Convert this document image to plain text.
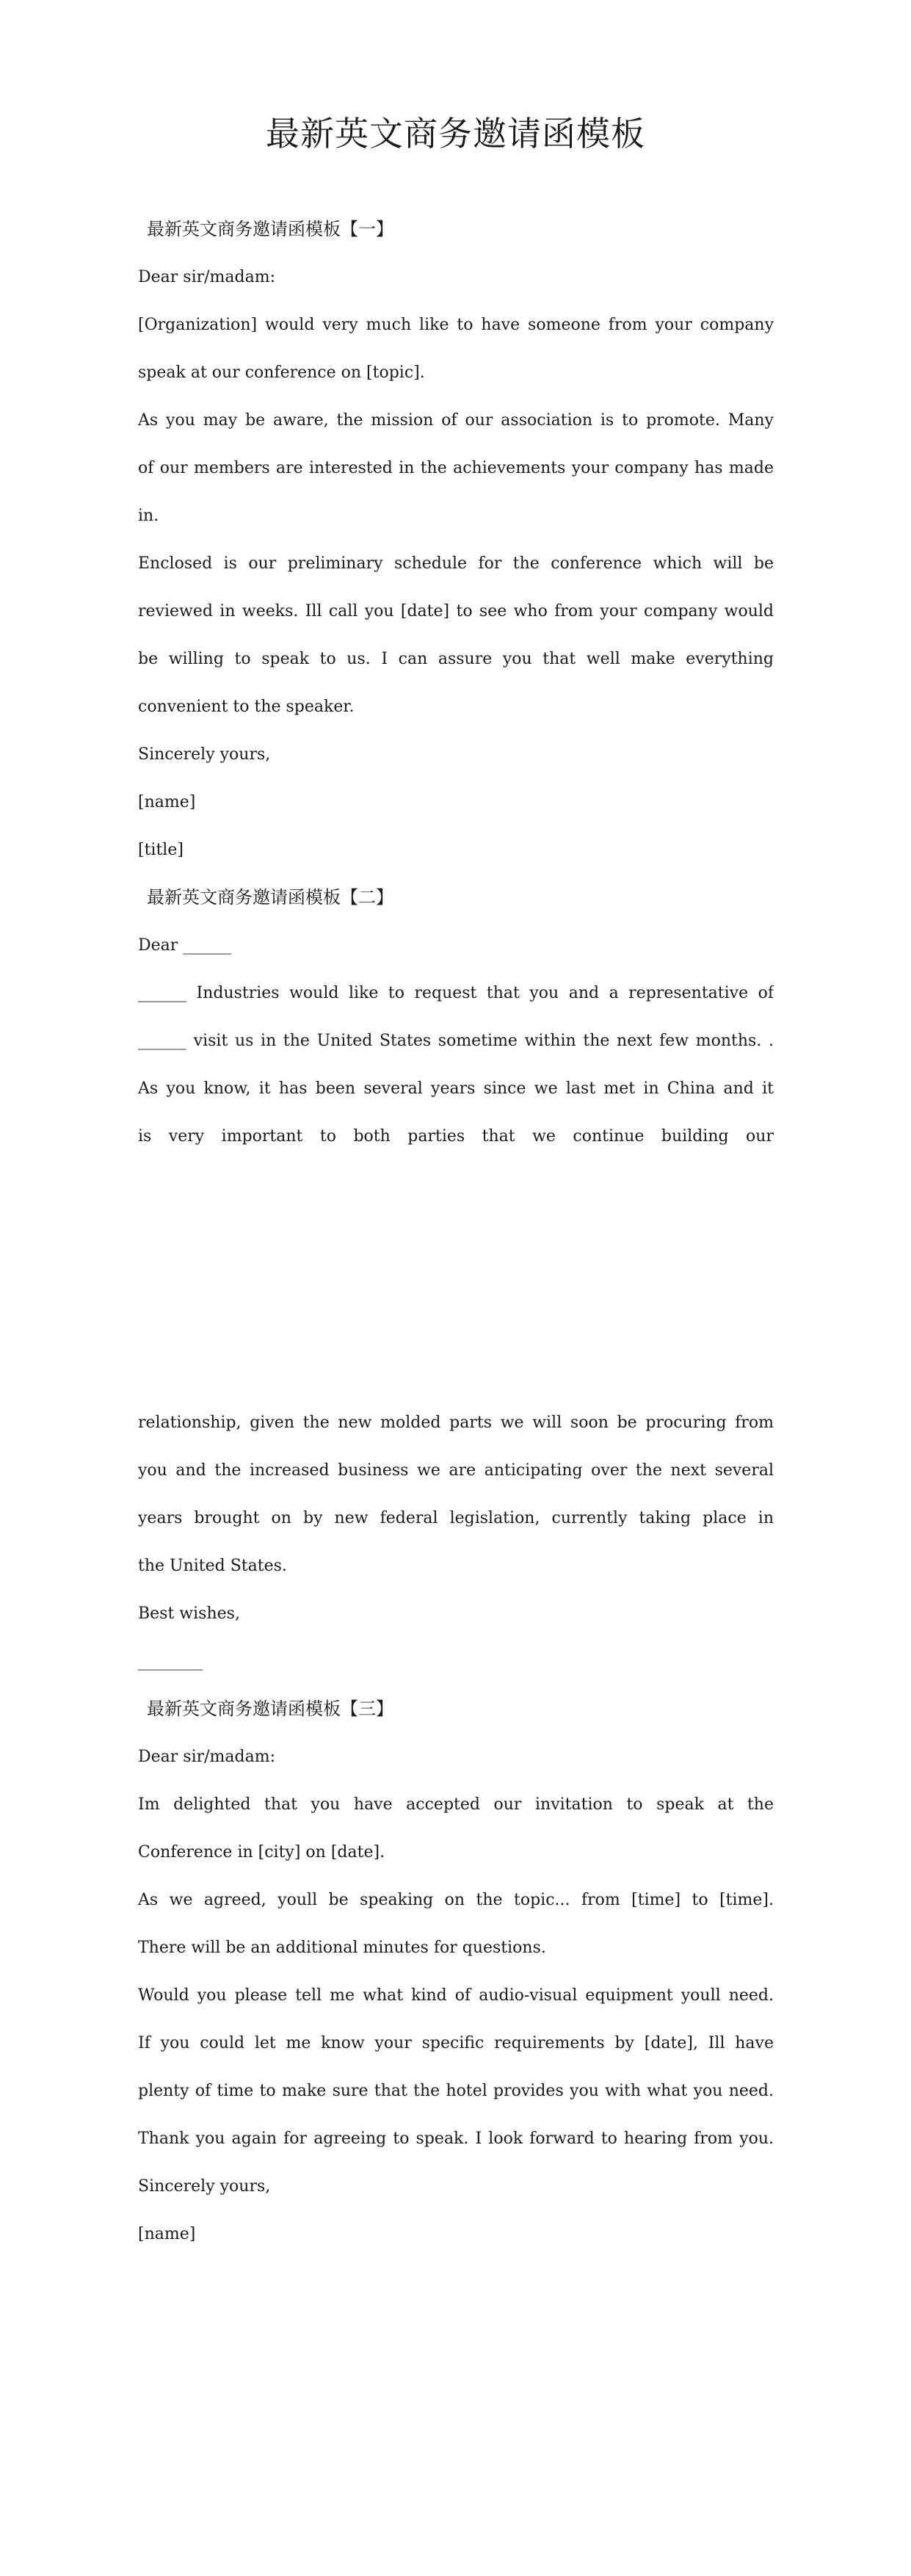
最新英文商务邀请函模板
最新英文商务邀请函模板【一】
Dear sir/madam:
[Organization] would very much like to have someone from your company
speak at our conference on [topic].
As you may be aware, the mission of our association is to promote. Many
of our members are interested in the achievements your company has made
in.
Enclosed is our preliminary schedule for the conference which will be
reviewed in weeks. Ill call you [date] to see who from your company would
be willing to speak to us. I can assure you that well make everything
convenient to the speaker.
Sincerely yours,
[name]
[title]
最新英文商务邀请函模板【二】
Dear ______
______ Industries would like to request that you and a representative of
______ visit us in the United States sometime within the next few months. .
As you know, it has been several years since we last met in China and it
is very important to both parties that we continue building our
relationship, given the new molded parts we will soon be procuring from
you and the increased business we are anticipating over the next several
years brought on by new federal legislation, currently taking place in
the United States.
Best wishes,
________
最新英文商务邀请函模板【三】
Dear sir/madam:
Im delighted that you have accepted our invitation to speak at the
Conference in [city] on [date].
As we agreed, youll be speaking on the topic... from [time] to [time].
There will be an additional minutes for questions.
Would you please tell me what kind of audio-visual equipment youll need.
If you could let me know your specific requirements by [date], Ill have
plenty of time to make sure that the hotel provides you with what you need.
Thank you again for agreeing to speak. I look forward to hearing from you.
Sincerely yours,
[name]
